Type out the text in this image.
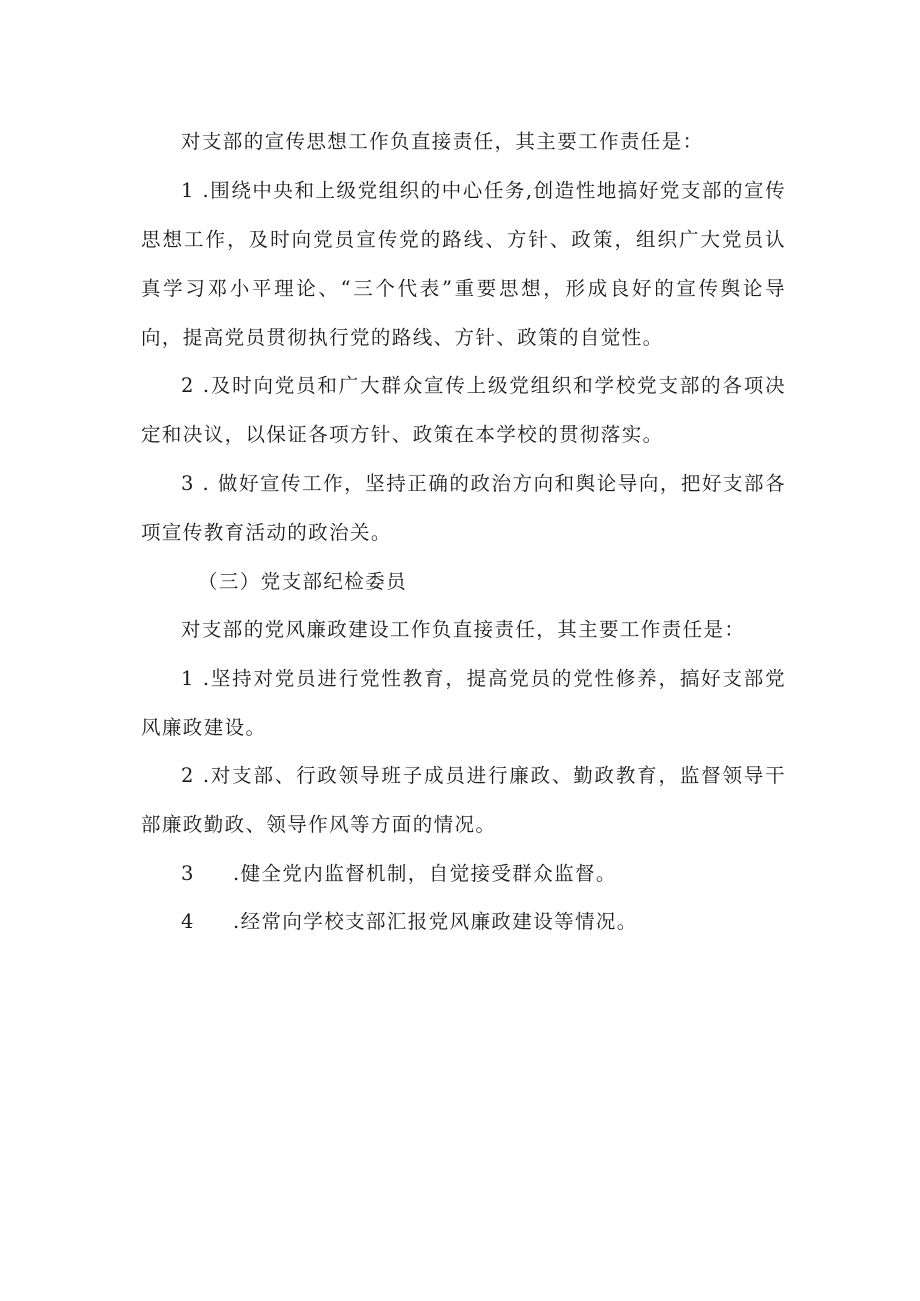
对支部的宣传思想工作负直接责任，其主要工作责任是：

1 .围绕中央和上级党组织的中心任务,创造性地搞好党支部的宣传思想工作，及时向党员宣传党的路线、方针、政策，组织广大党员认真学习邓小平理论、“三个代表”重要思想，形成良好的宣传舆论导向，提高党员贯彻执行党的路线、方针、政策的自觉性。

2 .及时向党员和广大群众宣传上级党组织和学校党支部的各项决定和决议，以保证各项方针、政策在本学校的贯彻落实。

3 . 做好宣传工作，坚持正确的政治方向和舆论导向，把好支部各项宣传教育活动的政治关。

（三）党支部纪检委员

对支部的党风廉政建设工作负直接责任，其主要工作责任是：

1 .坚持对党员进行党性教育，提高党员的党性修养，搞好支部党风廉政建设。

2 .对支部、行政领导班子成员进行廉政、勤政教育，监督领导干部廉政勤政、领导作风等方面的情况。

3 .健全党内监督机制，自觉接受群众监督。

4 .经常向学校支部汇报党风廉政建设等情况。
